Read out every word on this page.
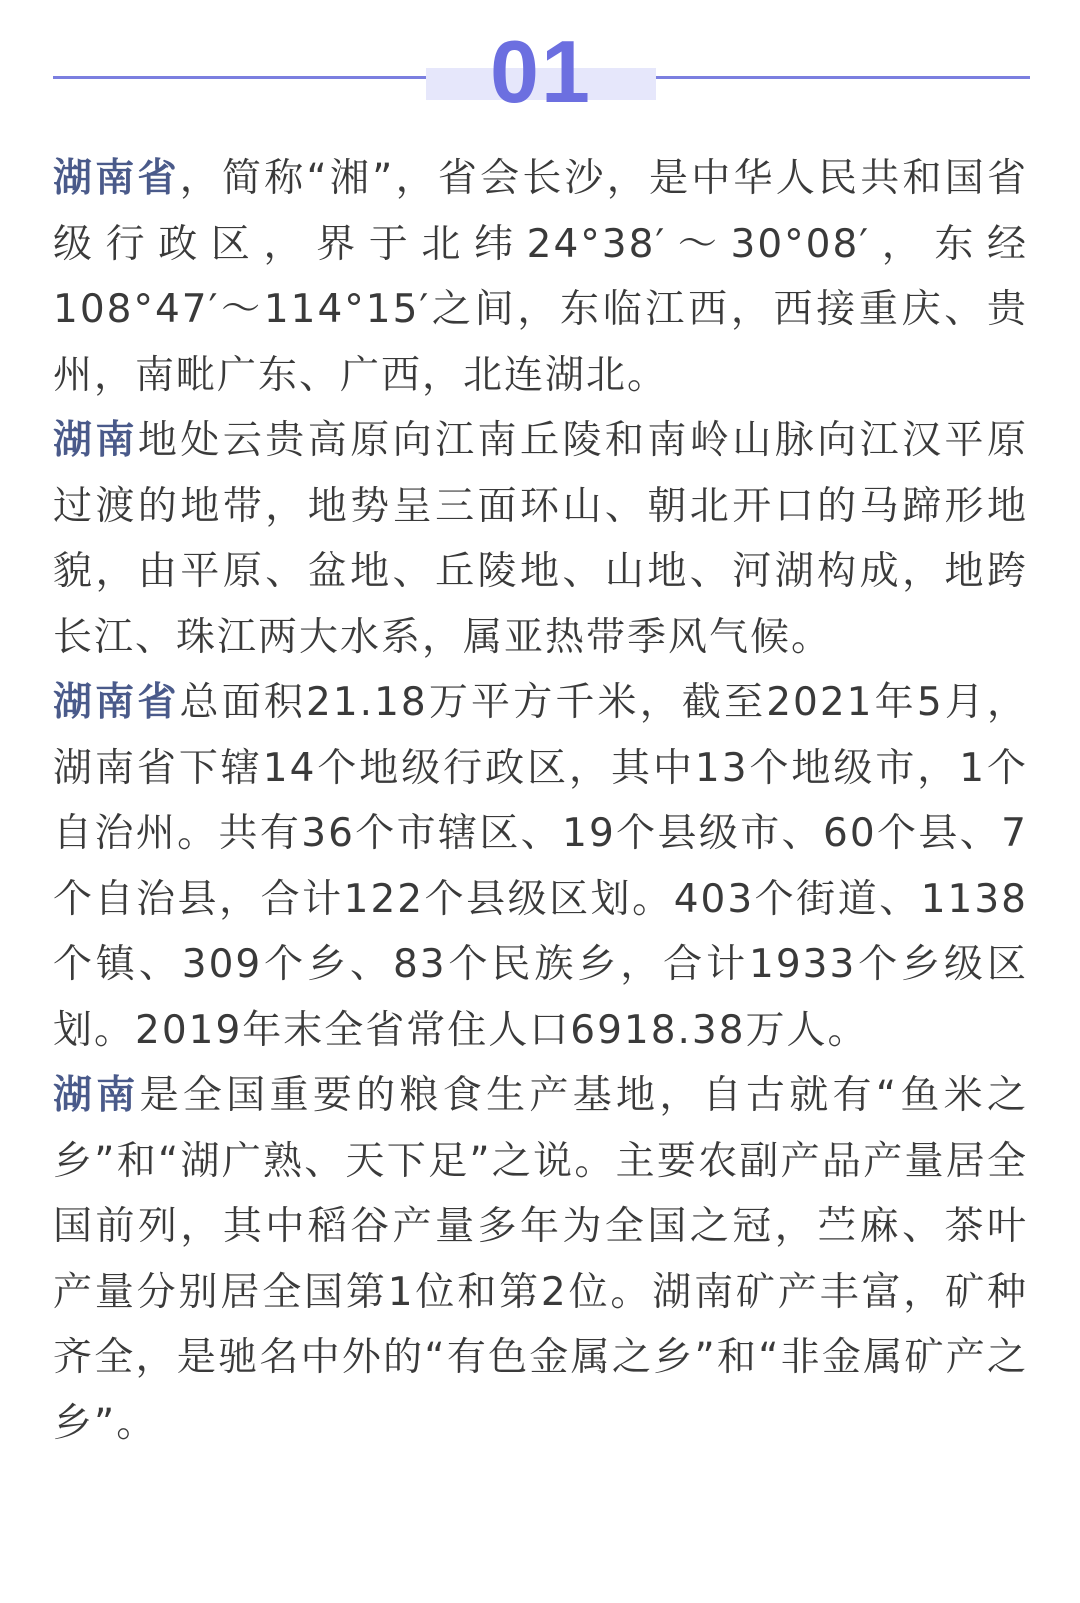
01

湖南省，简称“湘”，省会长沙，是中华人民共和国省级行政区，界于北纬24°38′～30°08′，东经108°47′～114°15′之间，东临江西，西接重庆、贵州，南毗广东、广西，北连湖北。

湖南地处云贵高原向江南丘陵和南岭山脉向江汉平原过渡的地带，地势呈三面环山、朝北开口的马蹄形地貌，由平原、盆地、丘陵地、山地、河湖构成，地跨长江、珠江两大水系，属亚热带季风气候。

湖南省总面积21.18万平方千米，截至2021年5月，湖南省下辖14个地级行政区，其中13个地级市，1个自治州。共有36个市辖区、19个县级市、60个县、7个自治县，合计122个县级区划。403个街道、1138个镇、309个乡、83个民族乡，合计1933个乡级区划。2019年末全省常住人口6918.38万人。

湖南是全国重要的粮食生产基地，自古就有“鱼米之乡”和“湖广熟、天下足”之说。主要农副产品产量居全国前列，其中稻谷产量多年为全国之冠，苎麻、茶叶产量分别居全国第1位和第2位。湖南矿产丰富，矿种齐全，是驰名中外的“有色金属之乡”和“非金属矿产之乡”。
